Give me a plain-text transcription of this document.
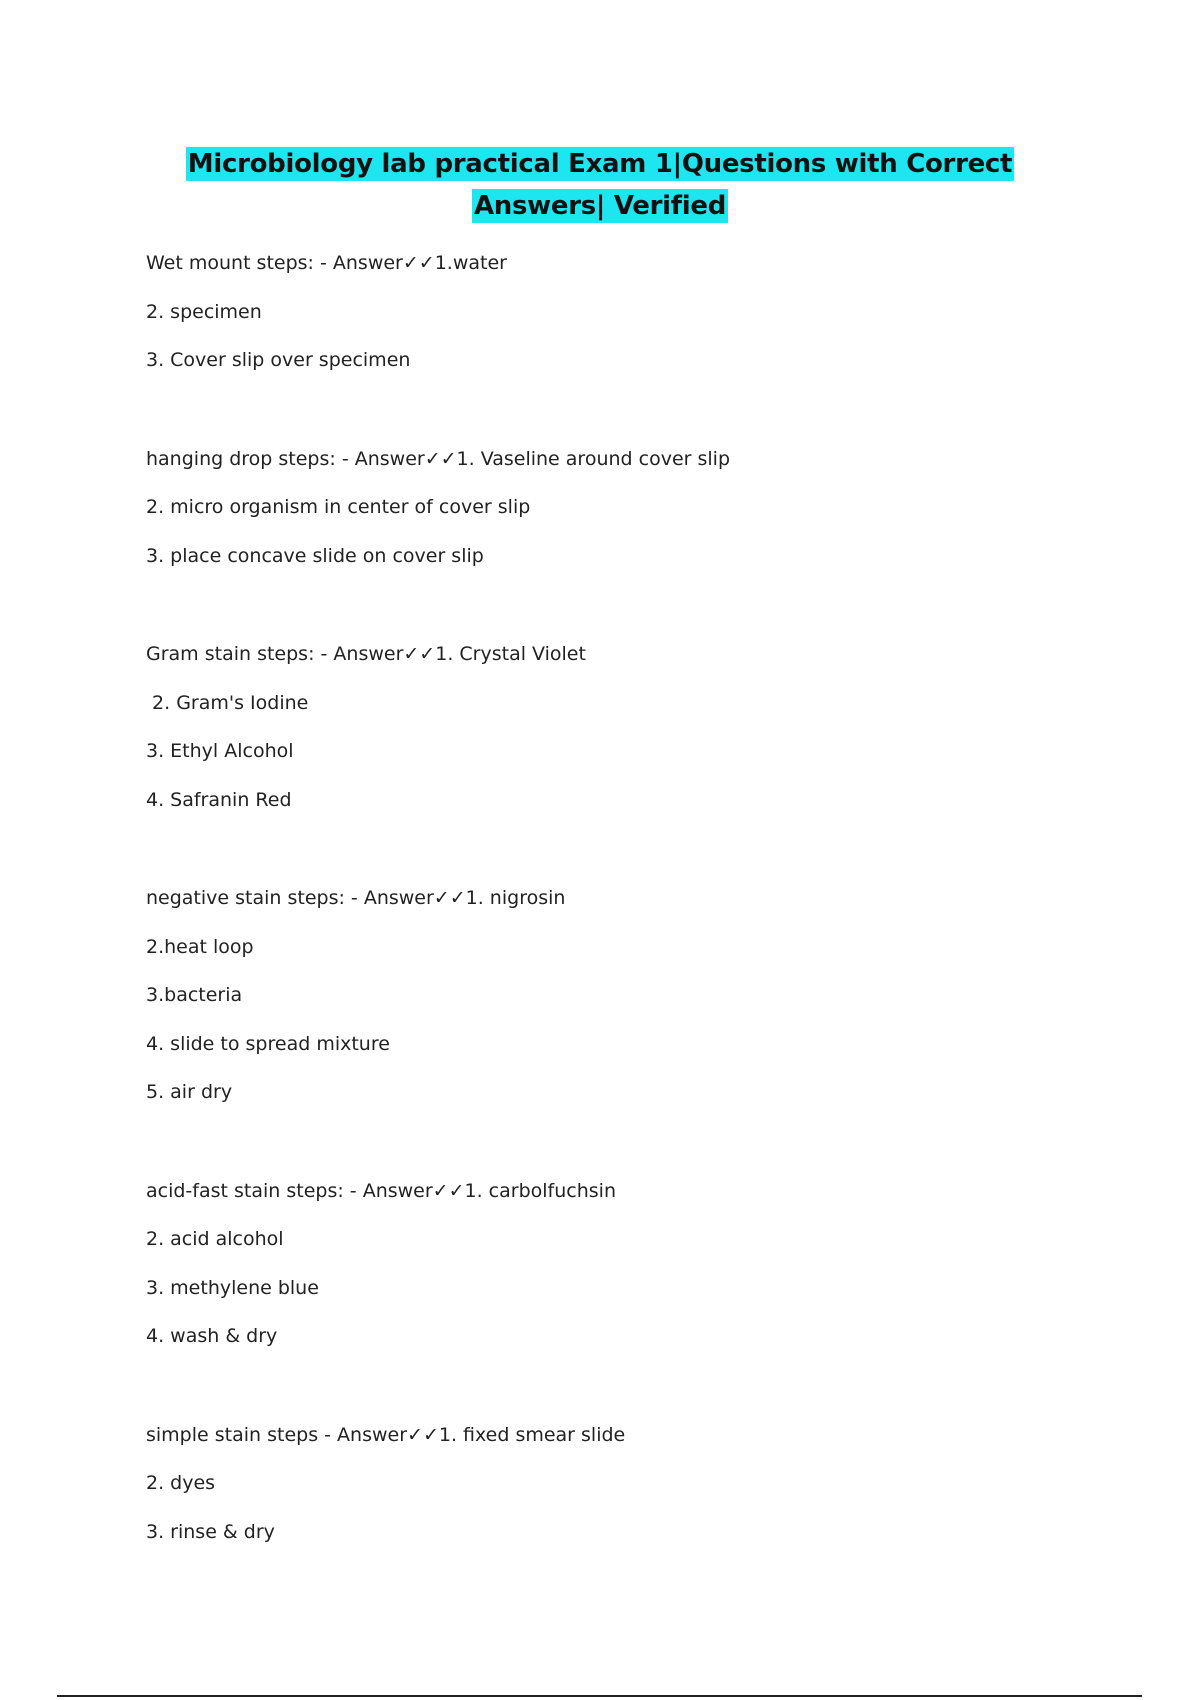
Microbiology lab practical Exam 1|Questions with Correct
Answers| Verified
Wet mount steps: - Answer✓✓1.water
2. specimen
3. Cover slip over specimen
hanging drop steps: - Answer✓✓1. Vaseline around cover slip
2. micro organism in center of cover slip
3. place concave slide on cover slip
Gram stain steps: - Answer✓✓1. Crystal Violet
2. Gram's Iodine
3. Ethyl Alcohol
4. Safranin Red
negative stain steps: - Answer✓✓1. nigrosin
2.heat loop
3.bacteria
4. slide to spread mixture
5. air dry
acid-fast stain steps: - Answer✓✓1. carbolfuchsin
2. acid alcohol
3. methylene blue
4. wash & dry
simple stain steps - Answer✓✓1. fixed smear slide
2. dyes
3. rinse & dry
